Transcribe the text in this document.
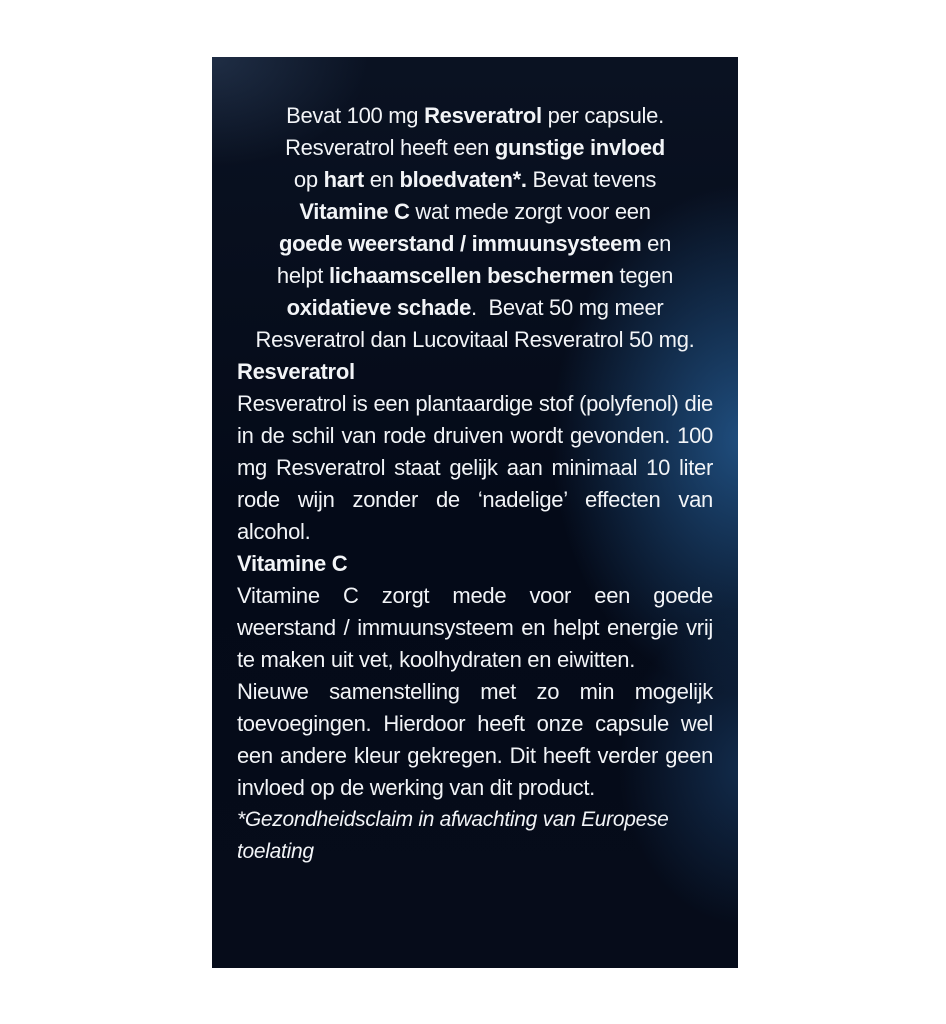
Bevat 100 mg Resveratrol per capsule.
Resveratrol heeft een gunstige invloed
op hart en bloedvaten*. Bevat tevens
Vitamine C wat mede zorgt voor een
goede weerstand / immuunsysteem en
helpt lichaamscellen beschermen tegen
oxidatieve schade.  Bevat 50 mg meer
Resveratrol dan Lucovitaal Resveratrol 50 mg.

Resveratrol

Resveratrol is een plantaardige stof (polyfenol) die in de schil van rode druiven wordt gevonden. 100 mg Resveratrol staat gelijk aan minimaal 10 liter rode wijn zonder de ‘nadelige’ effecten van alcohol.

Vitamine C

Vitamine C zorgt mede voor een goede weerstand / immuunsysteem en helpt energie vrij te maken uit vet, koolhydraten en eiwitten.

Nieuwe samenstelling met zo min mogelijk toevoegingen. Hierdoor heeft onze capsule wel een andere kleur gekregen. Dit heeft verder geen invloed op de werking van dit product.

*Gezondheidsclaim in afwachting van Europese toelating
